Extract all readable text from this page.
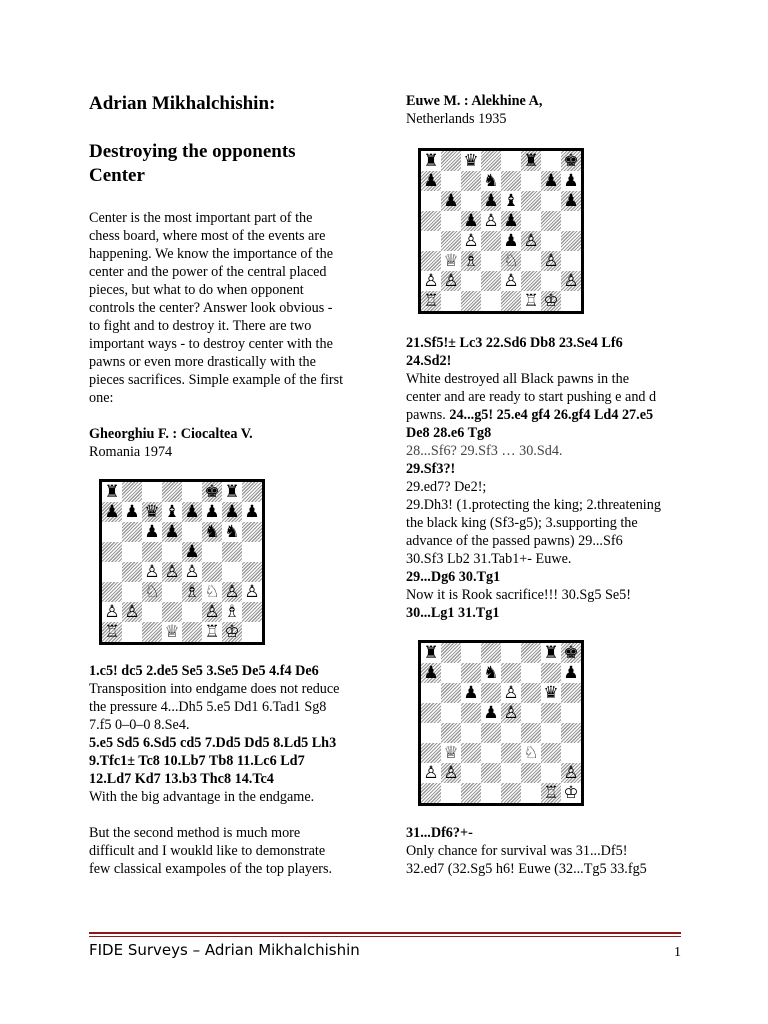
Adrian Mikhalchishin:
Destroying the opponents
Center

Center is the most important part of the
chess board, where most of the events are
happening. We know the importance of the
center and the power of the central placed
pieces, but what to do when opponent
controls the center? Answer look obvious -
to fight and to destroy it. There are two
important ways - to destroy center with the
pawns or even more drastically with the
pieces sacrifices. Simple example of the first
one:

Gheorghiu F. : Ciocaltea V.

Romania 1974

♜	♚ ♜
♟ ♟ ♛ ♝ ♟ ♟ ♟ ♟
♟ ♟ ♞ ♞
♟
♙ ♙ ♙
♘ ♗ ♘ ♙ ♙
♙ ♙	♙ ♗
♖	♕ ♖ ♔

1.c5! dc5 2.de5 Se5 3.Se5 De5 4.f4 De6

Transposition into endgame does not reduce
the pressure 4...Dh5 5.e5 Dd1 6.Tad1 Sg8
7.f5 0–0–0 8.Se4.

5.e5 Sd5 6.Sd5 cd5 7.Dd5 Dd5 8.Ld5 Lh3
9.Tfc1± Tc8 10.Lb7 Tb8 11.Lc6 Ld7
12.Ld7 Kd7 13.b3 Thc8 14.Tc4

With the big advantage in the endgame.

But the second method is much more
difficult and I woukld like to demonstrate
few classical exampoles of the top players.

Euwe M. : Alekhine A,

Netherlands 1935

♜ ♛	♜ ♚
♟	♞	♟ ♟
♟ ♟ ♝	♟
♟ ♙ ♟
♙ ♟ ♙
♕ ♗ ♘ ♙
♙ ♙	♙	♙
♖	♖ ♔

21.Sf5!± Lc3 22.Sd6 Db8 23.Se4 Lf6
24.Sd2!

White destroyed all Black pawns in the
center and are ready to start pushing e and d
pawns. 24...g5! 25.e4 gf4 26.gf4 Ld4 27.e5

De8 28.e6 Tg8

28...Sf6? 29.Sf3 … 30.Sd4.

29.Sf3?!

29.ed7? De2!;

29.Dh3! (1.protecting the king; 2.threatening
the black king (Sf3-g5); 3.supporting the
advance of the passed pawns) 29...Sf6
30.Sf3 Lb2 31.Tab1+- Euwe.

29...Dg6 30.Tg1

Now it is Rook sacrifice!!! 30.Sg5 Se5!

30...Lg1 31.Tg1

♜	♜ ♚
♟	♞	♟
♟ ♙ ♛
♟ ♙
♕	♘
♙ ♙	♙
♖ ♔

31...Df6?+-

Only chance for survival was 31...Df5!
32.ed7 (32.Sg5 h6! Euwe (32...Tg5 33.fg5

FIDE Surveys – Adrian Mikhalchishin	1
